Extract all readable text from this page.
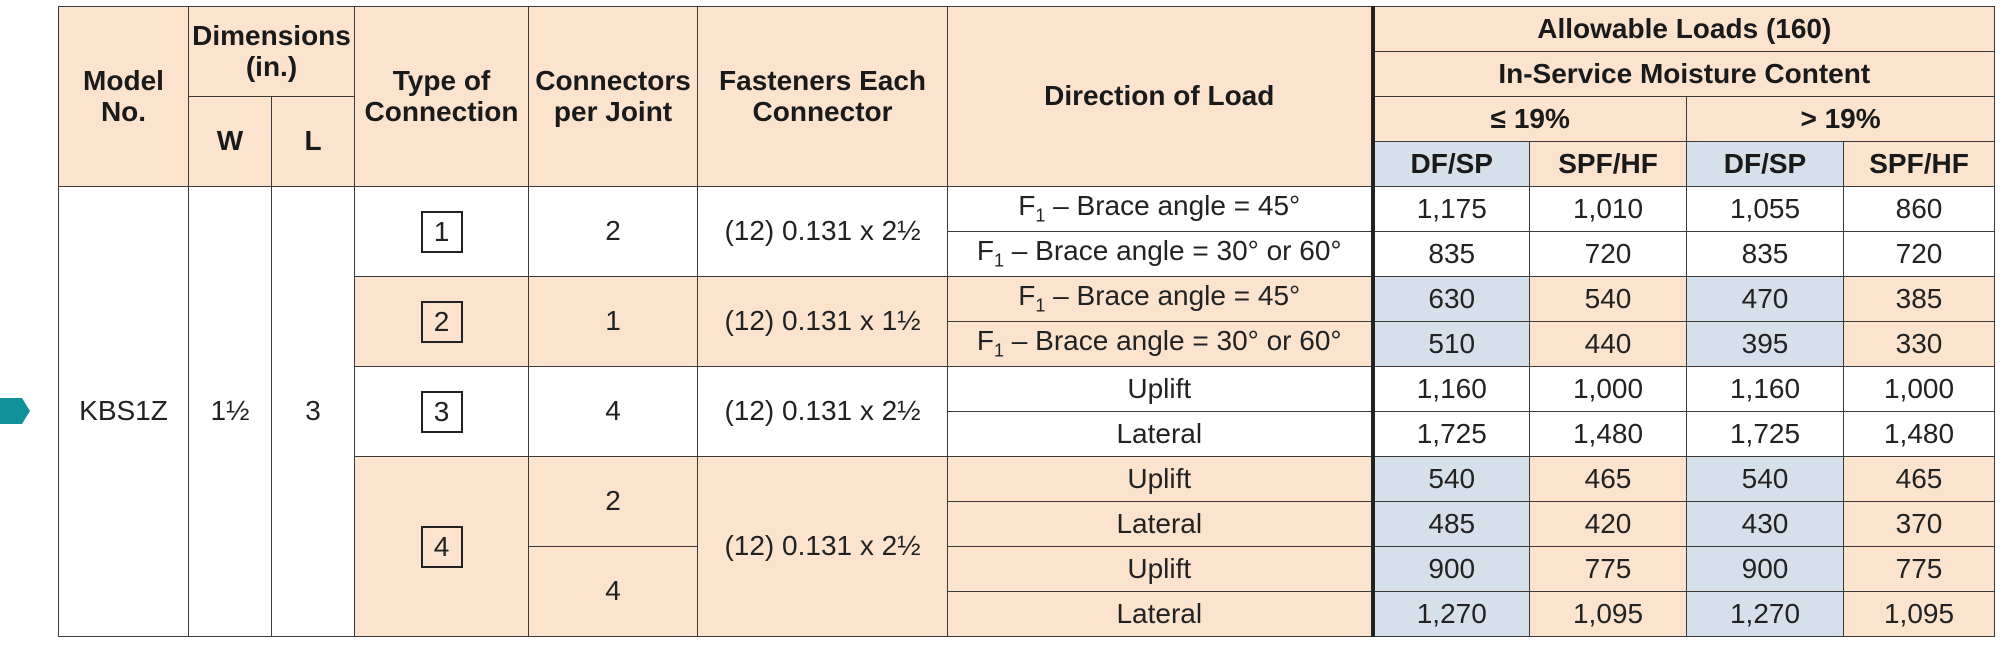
Model No.	Dimensions (in.)		Type of Connection	Connectors per Joint	Fasteners Each Connector	Direction of Load	Allowable Loads (160)			
							In-Service Moisture Content			
	W	L					≤ 19%		> 19%	
							DF/SP	SPF/HF	DF/SP	SPF/HF
KBS1Z	1½	3	1	2	(12) 0.131 x 2½	$F_1$ – Brace angle = 45°	1,175	1,010	1,055	860
						$F_1$ – Brace angle = 30° or 60°	835	720	835	720
			2	1	(12) 0.131 x 1½	$F_1$ – Brace angle = 45°	630	540	470	385
						$F_1$ – Brace angle = 30° or 60°	510	440	395	330
			3	4	(12) 0.131 x 2½	Uplift	1,160	1,000	1,160	1,000
						Lateral	1,725	1,480	1,725	1,480
			4	2	(12) 0.131 x 2½	Uplift	540	465	540	465
						Lateral	485	420	430	370
				4		Uplift	900	775	900	775
						Lateral	1,270	1,095	1,270	1,095
